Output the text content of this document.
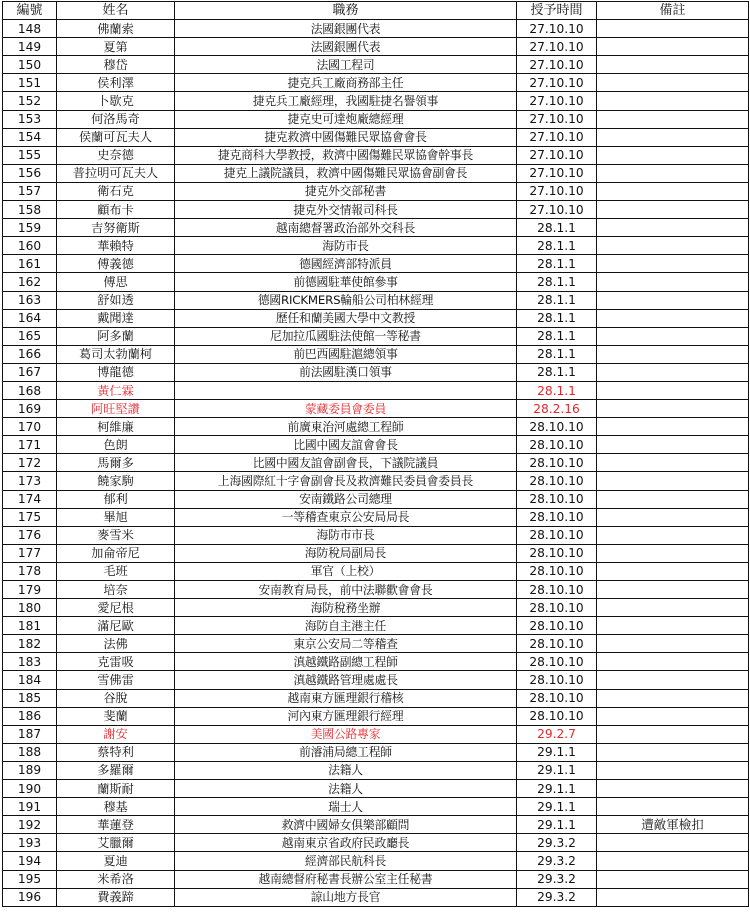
編號	姓名	職務	授予時間	備註
148	佛蘭索	法國銀團代表	27.10.10	
149	夏第	法國銀團代表	27.10.10	
150	穆岱	法國工程司	27.10.10	
151	侯利澤	捷克兵工廠商務部主任	27.10.10	
152	卜歇克	捷克兵工廠經理，我國駐捷名譽領事	27.10.10	
153	何洛馬奇	捷克史可達炮廠總經理	27.10.10	
154	侯蘭可瓦夫人	捷克救濟中國傷難民眾協會會長	27.10.10	
155	史奈德	捷克商科大學教授，救濟中國傷難民眾協會幹事長	27.10.10	
156	普拉明可瓦夫人	捷克上議院議員，救濟中國傷難民眾協會副會長	27.10.10	
157	衛石克	捷克外交部秘書	27.10.10	
158	顧布卡	捷克外交情報司科長	27.10.10	
159	吉努衛斯	越南總督署政治部外交科長	28.1.1	
160	華賴特	海防市長	28.1.1	
161	傅義德	德國經濟部特派員	28.1.1	
162	傅思	前德國駐華使館參事	28.1.1	
163	舒如透	德國RICKMERS輪船公司柏林經理	28.1.1	
164	戴聞達	歷任和蘭美國大學中文教授	28.1.1	
165	阿多蘭	尼加拉瓜國駐法使館一等秘書	28.1.1	
166	葛司太勃蘭柯	前巴西國駐滬總領事	28.1.1	
167	博龍德	前法國駐漢口領事	28.1.1	
168	黃仁霖		28.1.1	
169	阿旺堅讚	蒙藏委員會委員	28.2.16	
170	柯維廉	前廣東治河處總工程師	28.10.10	
171	色朗	比國中國友誼會會長	28.10.10	
172	馬爾多	比國中國友誼會副會長，下議院議員	28.10.10	
173	饒家駒	上海國際紅十字會副會長及救濟難民委員會委員長	28.10.10	
174	郁利	安南鐵路公司總理	28.10.10	
175	畢旭	一等稽查東京公安局局長	28.10.10	
176	麥雪米	海防市市長	28.10.10	
177	加侖帝尼	海防稅局副局長	28.10.10	
178	毛班	軍官（上校）	28.10.10	
179	培奈	安南教育局長，前中法聯歡會會長	28.10.10	
180	愛尼根	海防稅務坐辦	28.10.10	
181	滿尼歐	海防自主港主任	28.10.10	
182	法佛	東京公安局二等稽查	28.10.10	
183	克雷吸	滇越鐵路副總工程師	28.10.10	
184	雪佛雷	滇越鐵路管理處處長	28.10.10	
185	谷脫	越南東方匯理銀行稽核	28.10.10	
186	斐蘭	河內東方匯理銀行經理	28.10.10	
187	謝安	美國公路專家	29.2.7	
188	蔡特利	前濬浦局總工程師	29.1.1	
189	多羅爾	法籍人	29.1.1	
190	蘭斯耐	法籍人	29.1.1	
191	穆基	瑞士人	29.1.1	
192	華蓮登	救濟中國婦女俱樂部顧問	29.1.1	遭敵軍檢扣
193	艾臘爾	越南東京省政府民政廳長	29.3.2	
194	夏迪	經濟部民航科長	29.3.2	
195	米希洛	越南總督府秘書長辦公室主任秘書	29.3.2	
196	費義蹄	諒山地方長官	29.3.2	
